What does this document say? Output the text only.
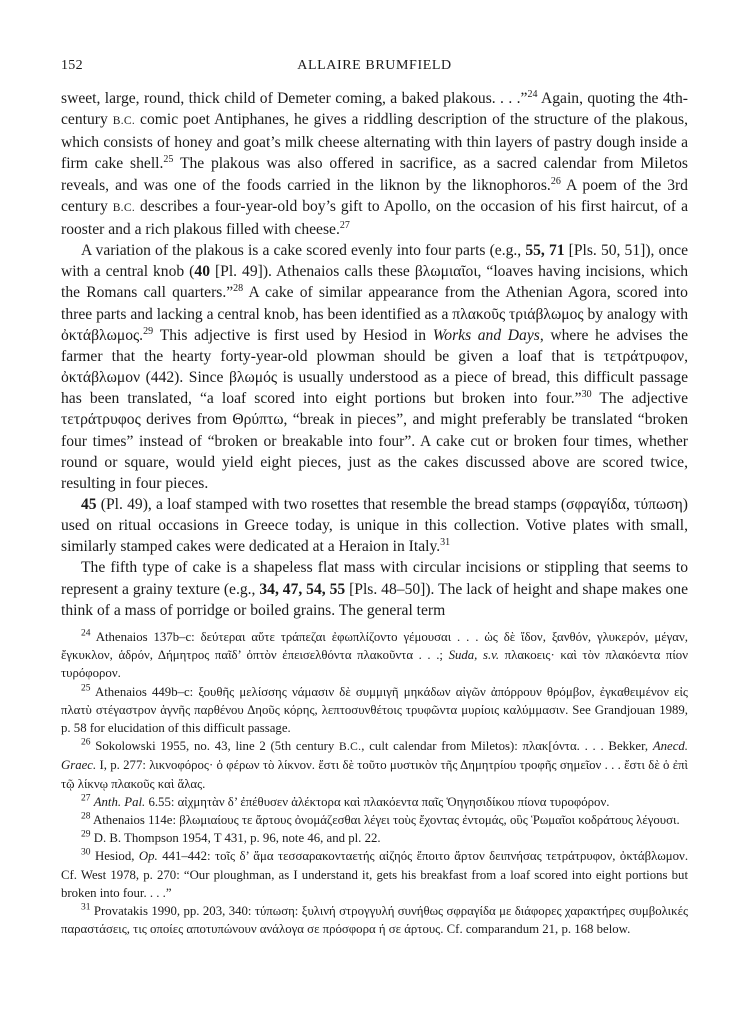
152	ALLAIRE BRUMFIELD

sweet, large, round, thick child of Demeter coming, a baked plakous. . . .”$^{24}$ Again, quoting the 4th-century B.C. comic poet Antiphanes, he gives a riddling description of the structure of the plakous, which consists of honey and goat’s milk cheese alternating with thin layers of pastry dough inside a firm cake shell.$^{25}$ The plakous was also offered in sacrifice, as a sacred calendar from Miletos reveals, and was one of the foods carried in the liknon by the liknophoros.$^{26}$ A poem of the 3rd century B.C. describes a four-year-old boy’s gift to Apollo, on the occasion of his first haircut, of a rooster and a rich plakous filled with cheese.$^{27}$

A variation of the plakous is a cake scored evenly into four parts (e.g., 55, 71 [Pls. 50, 51]), once with a central knob (40 [Pl. 49]). Athenaios calls these βλωμιαῖοι, “loaves having incisions, which the Romans call quarters.”$^{28}$ A cake of similar appearance from the Athenian Agora, scored into three parts and lacking a central knob, has been identified as a πλακοῦς τριάβλωμος by analogy with ὀκτάβλωμος.$^{29}$ This adjective is first used by Hesiod in Works and Days, where he advises the farmer that the hearty forty-year-old plowman should be given a loaf that is τετράτρυφον, ὀκτάβλωμον (442). Since βλωμός is usually understood as a piece of bread, this difficult passage has been translated, “a loaf scored into eight portions but broken into four.”$^{30}$ The adjective τετράτρυφος derives from Θρύπτω, “break in pieces”, and might preferably be translated “broken four times” instead of “broken or breakable into four”. A cake cut or broken four times, whether round or square, would yield eight pieces, just as the cakes discussed above are scored twice, resulting in four pieces.

45 (Pl. 49), a loaf stamped with two rosettes that resemble the bread stamps (σφραγίδα, τύπωση) used on ritual occasions in Greece today, is unique in this collection. Votive plates with small, similarly stamped cakes were dedicated at a Heraion in Italy.$^{31}$

The fifth type of cake is a shapeless flat mass with circular incisions or stippling that seems to represent a grainy texture (e.g., 34, 47, 54, 55 [Pls. 48–50]). The lack of height and shape makes one think of a mass of porridge or boiled grains. The general term

$^{24}$ Athenaios 137b–c: δεύτεραι αὕτε τράπεζαι ἐφωπλίζοντο γέμουσαι . . . ὡς δὲ ἴδον, ξανθόν, γλυκερόν, μέγαν, ἔγκυκλον, ἁδρόν, Δήμητρος παῖδ’ ὀπτὸν ἐπεισελθόντα πλακοῦντα . . .; Suda, s.v. πλακοεις· καὶ τὸν πλακόεντα πίον τυρόφορον.

$^{25}$ Athenaios 449b–c: ξουθῆς μελίσσης νάμασιν δὲ συμμιγῆ μηκάδων αἰγῶν ἀπόρρουν θρόμβον, ἐγκαθειμένον εἰς πλατὺ στέγαστρον ἁγνῆς παρθένου Δηοῦς κόρης, λεπτοσυνθέτοις τρυφῶντα μυρίοις καλύμμασιν. See Grandjouan 1989, p. 58 for elucidation of this difficult passage.

$^{26}$ Sokolowski 1955, no. 43, line 2 (5th century B.C., cult calendar from Miletos): πλακ[όντα. . . . Bekker, Anecd. Graec. I, p. 277: λικνοφόρος· ὁ φέρων τὸ λίκνον. ἔστι δὲ τοῦτο μυστικὸν τῆς Δημητρίου τροφῆς σημεῖον . . . ἔστι δὲ ὁ ἐπὶ τῷ λίκνῳ πλακοῦς καὶ ἅλας.

$^{27}$ Anth. Pal. 6.55: αἰχμητὰν δ’ ἐπέθυσεν ἀλέκτορα καὶ πλακόεντα παῖς Ὁηγησιδίκου πίονα τυροφόρον.

$^{28}$ Athenaios 114e: βλωμιαίους τε ἄρτους ὀνομάζεσθαι λέγει τοὺς ἔχοντας ἐντομάς, οὓς Ῥωμαῖοι κοδράτους λέγουσι.

$^{29}$ D. B. Thompson 1954, T 431, p. 96, note 46, and pl. 22.

$^{30}$ Hesiod, Op. 441–442: τοῖς δ’ ἅμα τεσσαρακονταετής αἰζηός ἕποιτο ἄρτον δειπνήσας τετράτρυφον, ὀκτάβλωμον. Cf. West 1978, p. 270: “Our ploughman, as I understand it, gets his breakfast from a loaf scored into eight portions but broken into four. . . .”

$^{31}$ Provatakis 1990, pp. 203, 340: τύπωση: ξυλινή στρογγυλή συνήθως σφραγίδα με διάφορες χαρακτήρες συμβολικές παραστάσεις, τις οποίες αποτυπώνουν ανάλογα σε πρόσφορα ή σε άρτους. Cf. comparandum 21, p. 168 below.
